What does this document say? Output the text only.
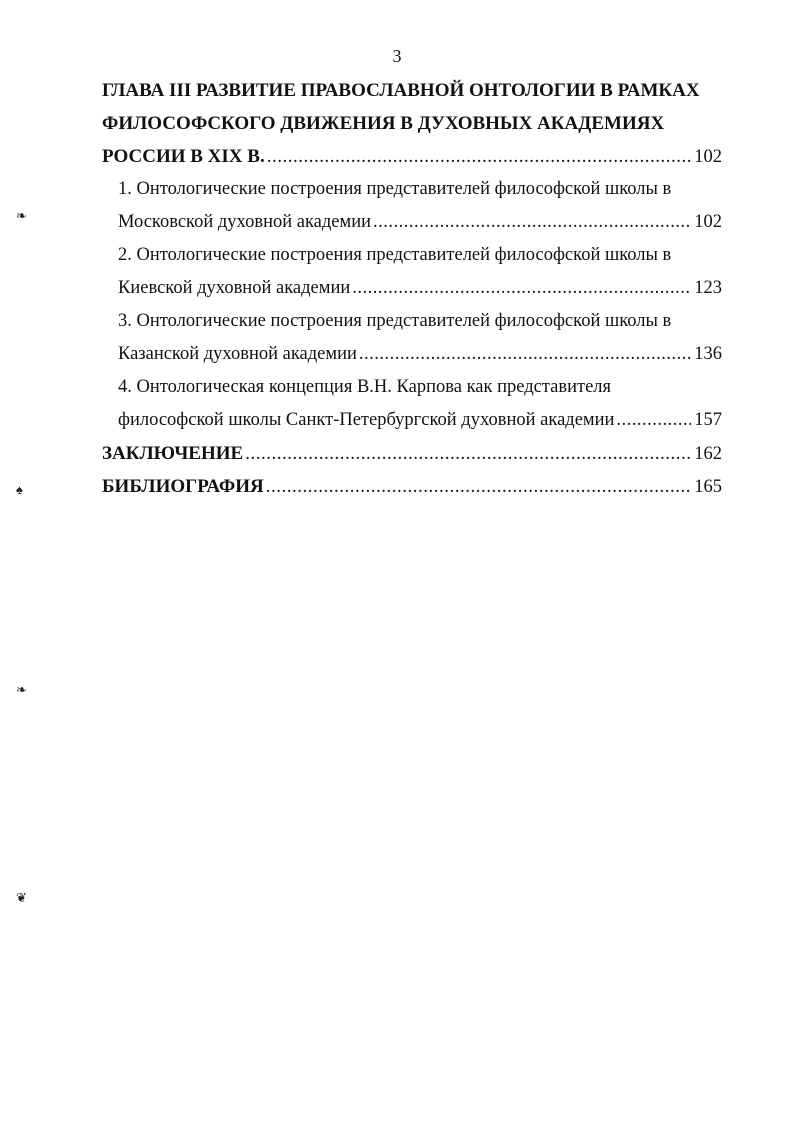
3
❧
♠
❧
❦
ГЛАВА III РАЗВИТИЕ ПРАВОСЛАВНОЙ ОНТОЛОГИИ В РАМКАХ
ФИЛОСОФСКОГО ДВИЖЕНИЯ В ДУХОВНЫХ АКАДЕМИЯХ
РОССИИ В XIX В. .....	102
1. Онтологические построения представителей философской школы в
Московской духовной академии .....	102
2. Онтологические построения представителей философской школы в
Киевской духовной академии .....	123
3. Онтологические построения представителей философской школы в
Казанской духовной академии .....	136
4. Онтологическая концепция В.Н. Карпова как представителя
философской школы Санкт-Петербургской духовной академии .....	157
ЗАКЛЮЧЕНИЕ .....	162
БИБЛИОГРАФИЯ .....	165
